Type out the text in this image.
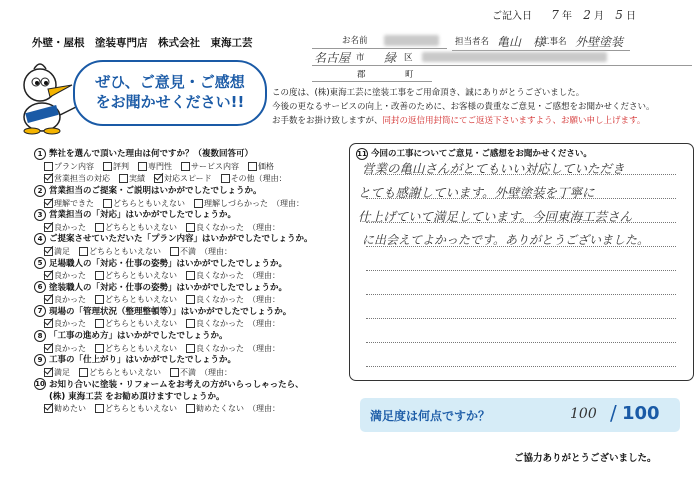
ご記入日 7 年 2 月 5 日
外壁・屋根　塗装専門店　株式会社　東海工芸	お名前	担当者名 亀山　様
工事名 外壁塗装
名古屋 市 緑 区
郡	町
ぜひ、ご意見・ご感想
をお聞かせください!!	この度は、(株)東海工芸に塗装工事をご用命頂き、誠にありがとうございました。
今後の更なるサービスの向上・改善のために、お客様の貴重なご意見・ご感想をお聞かせください。
お手数をお掛け致しますが、同封の返信用封筒にてご返送下さいますよう、お願い申し上げます。
1 弊社を選んで頂いた理由は何ですか？（複数回答可）
プラン内容 評判 専門性 サービス内容 価格
営業担当の対応 実績 対応スピード その他（理由：
2 営業担当のご提案・ご説明はいかがでしたでしょうか。
理解できた どちらともいえない 理解しづらかった　（理由：
3 営業担当の「対応」はいかがでしたでしょうか。
良かった どちらともいえない 良くなかった　（理由：
4 ご提案させていただいた「プラン内容」はいかがでしたでしょうか。
満足 どちらともいえない 不満　（理由：
5 足場職人の「対応・仕事の姿勢」はいかがでしたでしょうか。
良かった どちらともいえない 良くなかった　（理由：
6 塗装職人の「対応・仕事の姿勢」はいかがでしたでしょうか。
良かった どちらともいえない 良くなかった　（理由：
7 現場の「管理状況（整理整頓等）」はいかがでしたでしょうか。
良かった どちらともいえない 良くなかった　（理由：
8 「工事の進め方」はいかがでしたでしょうか。
良かった どちらともいえない 良くなかった　（理由：
9 工事の「仕上がり」はいかがでしたでしょうか。
満足 どちらともいえない 不満　（理由：
10 お知り合いに塗装・リフォームをお考えの方がいらっしゃったら、
(株) 東海工芸 をお勧め頂けますでしょうか。
勧めたい どちらともいえない 勧めたくない　（理由：
11 今回の工事についてご意見・ご感想をお聞かせください。
営業の亀山さんがとてもいい対応していただき
とても感謝しています。外壁塗装を丁寧に
仕上げていて満足しています。今回東海工芸さん
に出会えてよかったです。ありがとうございました。
満足度は何点ですか？	100 / 100
ご協力ありがとうございました。
